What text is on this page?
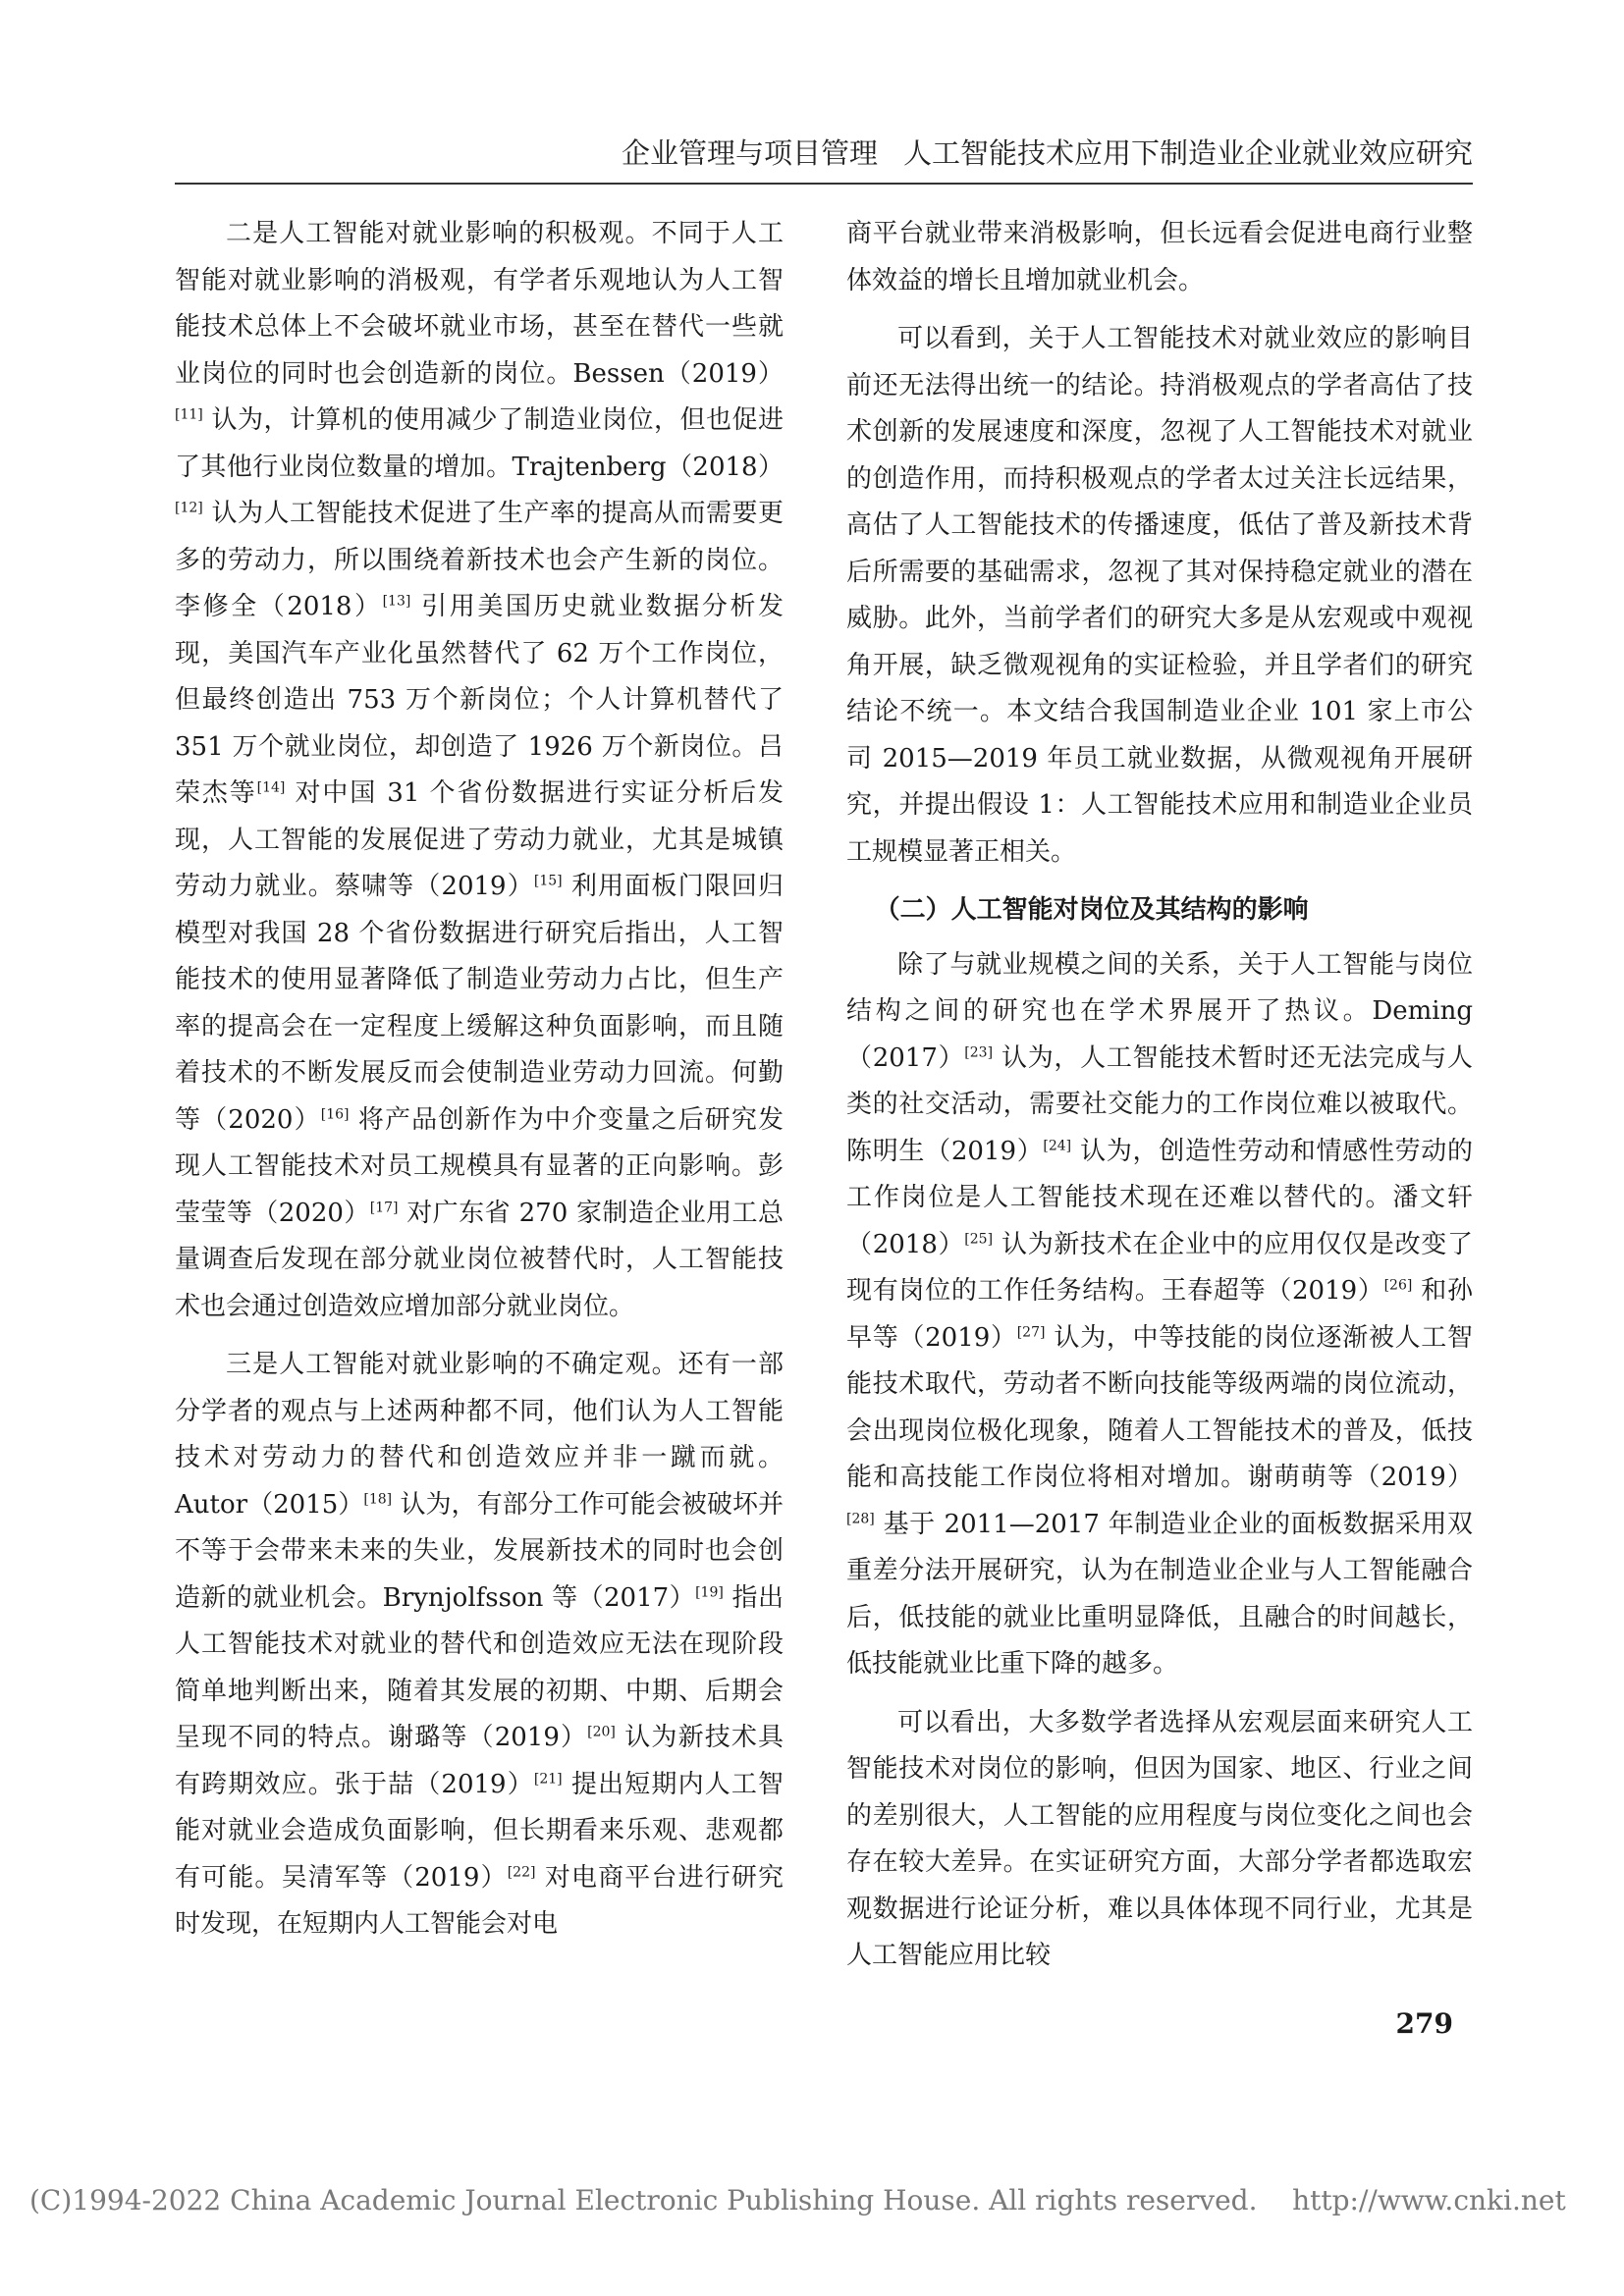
企业管理与项目管理 人工智能技术应用下制造业企业就业效应研究

二是人工智能对就业影响的积极观。不同于人工智能对就业影响的消极观，有学者乐观地认为人工智能技术总体上不会破坏就业市场，甚至在替代一些就业岗位的同时也会创造新的岗位。Bessen（2019）[11] 认为，计算机的使用减少了制造业岗位，但也促进了其他行业岗位数量的增加。Trajtenberg（2018）[12] 认为人工智能技术促进了生产率的提高从而需要更多的劳动力，所以围绕着新技术也会产生新的岗位。李修全（2018）[13] 引用美国历史就业数据分析发现，美国汽车产业化虽然替代了 62 万个工作岗位，但最终创造出 753 万个新岗位；个人计算机替代了 351 万个就业岗位，却创造了 1926 万个新岗位。吕荣杰等[14] 对中国 31 个省份数据进行实证分析后发现，人工智能的发展促进了劳动力就业，尤其是城镇劳动力就业。蔡啸等（2019）[15] 利用面板门限回归模型对我国 28 个省份数据进行研究后指出，人工智能技术的使用显著降低了制造业劳动力占比，但生产率的提高会在一定程度上缓解这种负面影响，而且随着技术的不断发展反而会使制造业劳动力回流。何勤等（2020）[16] 将产品创新作为中介变量之后研究发现人工智能技术对员工规模具有显著的正向影响。彭莹莹等（2020）[17] 对广东省 270 家制造企业用工总量调查后发现在部分就业岗位被替代时，人工智能技术也会通过创造效应增加部分就业岗位。

三是人工智能对就业影响的不确定观。还有一部分学者的观点与上述两种都不同，他们认为人工智能技术对劳动力的替代和创造效应并非一蹴而就。Autor（2015）[18] 认为，有部分工作可能会被破坏并不等于会带来未来的失业，发展新技术的同时也会创造新的就业机会。Brynjolfsson 等（2017）[19] 指出人工智能技术对就业的替代和创造效应无法在现阶段简单地判断出来，随着其发展的初期、中期、后期会呈现不同的特点。谢璐等（2019）[20] 认为新技术具有跨期效应。张于喆（2019）[21] 提出短期内人工智能对就业会造成负面影响，但长期看来乐观、悲观都有可能。吴清军等（2019）[22] 对电商平台进行研究时发现，在短期内人工智能会对电

商平台就业带来消极影响，但长远看会促进电商行业整体效益的增长且增加就业机会。

可以看到，关于人工智能技术对就业效应的影响目前还无法得出统一的结论。持消极观点的学者高估了技术创新的发展速度和深度，忽视了人工智能技术对就业的创造作用，而持积极观点的学者太过关注长远结果，高估了人工智能技术的传播速度，低估了普及新技术背后所需要的基础需求，忽视了其对保持稳定就业的潜在威胁。此外，当前学者们的研究大多是从宏观或中观视角开展，缺乏微观视角的实证检验，并且学者们的研究结论不统一。本文结合我国制造业企业 101 家上市公司 2015—2019 年员工就业数据，从微观视角开展研究，并提出假设 1：人工智能技术应用和制造业企业员工规模显著正相关。

（二）人工智能对岗位及其结构的影响

除了与就业规模之间的关系，关于人工智能与岗位结构之间的研究也在学术界展开了热议。Deming（2017）[23] 认为，人工智能技术暂时还无法完成与人类的社交活动，需要社交能力的工作岗位难以被取代。陈明生（2019）[24] 认为，创造性劳动和情感性劳动的工作岗位是人工智能技术现在还难以替代的。潘文轩（2018）[25] 认为新技术在企业中的应用仅仅是改变了现有岗位的工作任务结构。王春超等（2019）[26] 和孙早等（2019）[27] 认为，中等技能的岗位逐渐被人工智能技术取代，劳动者不断向技能等级两端的岗位流动，会出现岗位极化现象，随着人工智能技术的普及，低技能和高技能工作岗位将相对增加。谢萌萌等（2019）[28] 基于 2011—2017 年制造业企业的面板数据采用双重差分法开展研究，认为在制造业企业与人工智能融合后，低技能的就业比重明显降低，且融合的时间越长，低技能就业比重下降的越多。

可以看出，大多数学者选择从宏观层面来研究人工智能技术对岗位的影响，但因为国家、地区、行业之间的差别很大，人工智能的应用程度与岗位变化之间也会存在较大差异。在实证研究方面，大部分学者都选取宏观数据进行论证分析，难以具体体现不同行业，尤其是人工智能应用比较

279
(C)1994-2022 China Academic Journal Electronic Publishing House. All rights reserved. http://www.cnki.net
